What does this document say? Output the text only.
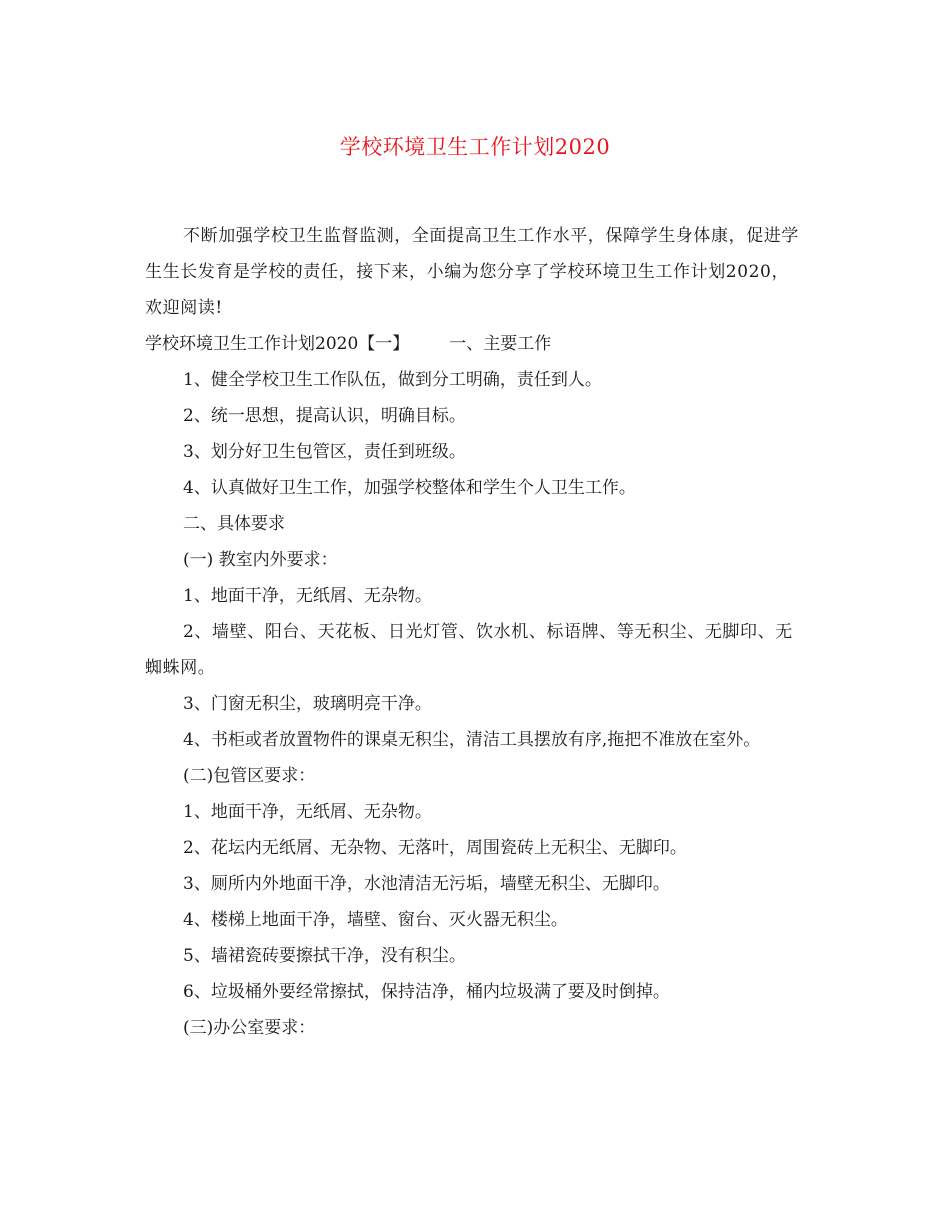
学校环境卫生工作计划2020

不断加强学校卫生监督监测，全面提高卫生工作水平，保障学生身体康，促进学生生长发育是学校的责任，接下来，小编为您分享了学校环境卫生工作计划2020，欢迎阅读!

学校环境卫生工作计划2020【一】 一、主要工作

1、健全学校卫生工作队伍，做到分工明确，责任到人。

2、统一思想，提高认识，明确目标。

3、划分好卫生包管区，责任到班级。

4、认真做好卫生工作，加强学校整体和学生个人卫生工作。

二、具体要求

(一) 教室内外要求：

1、地面干净，无纸屑、无杂物。

2、墙壁、阳台、天花板、日光灯管、饮水机、标语牌、等无积尘、无脚印、无蜘蛛网。

3、门窗无积尘，玻璃明亮干净。

4、书柜或者放置物件的课桌无积尘，清洁工具摆放有序,拖把不准放在室外。

(二)包管区要求：

1、地面干净，无纸屑、无杂物。

2、花坛内无纸屑、无杂物、无落叶，周围瓷砖上无积尘、无脚印。

3、厕所内外地面干净，水池清洁无污垢，墙壁无积尘、无脚印。

4、楼梯上地面干净，墙壁、窗台、灭火器无积尘。

5、墙裙瓷砖要擦拭干净，没有积尘。

6、垃圾桶外要经常擦拭，保持洁净，桶内垃圾满了要及时倒掉。

(三)办公室要求：
